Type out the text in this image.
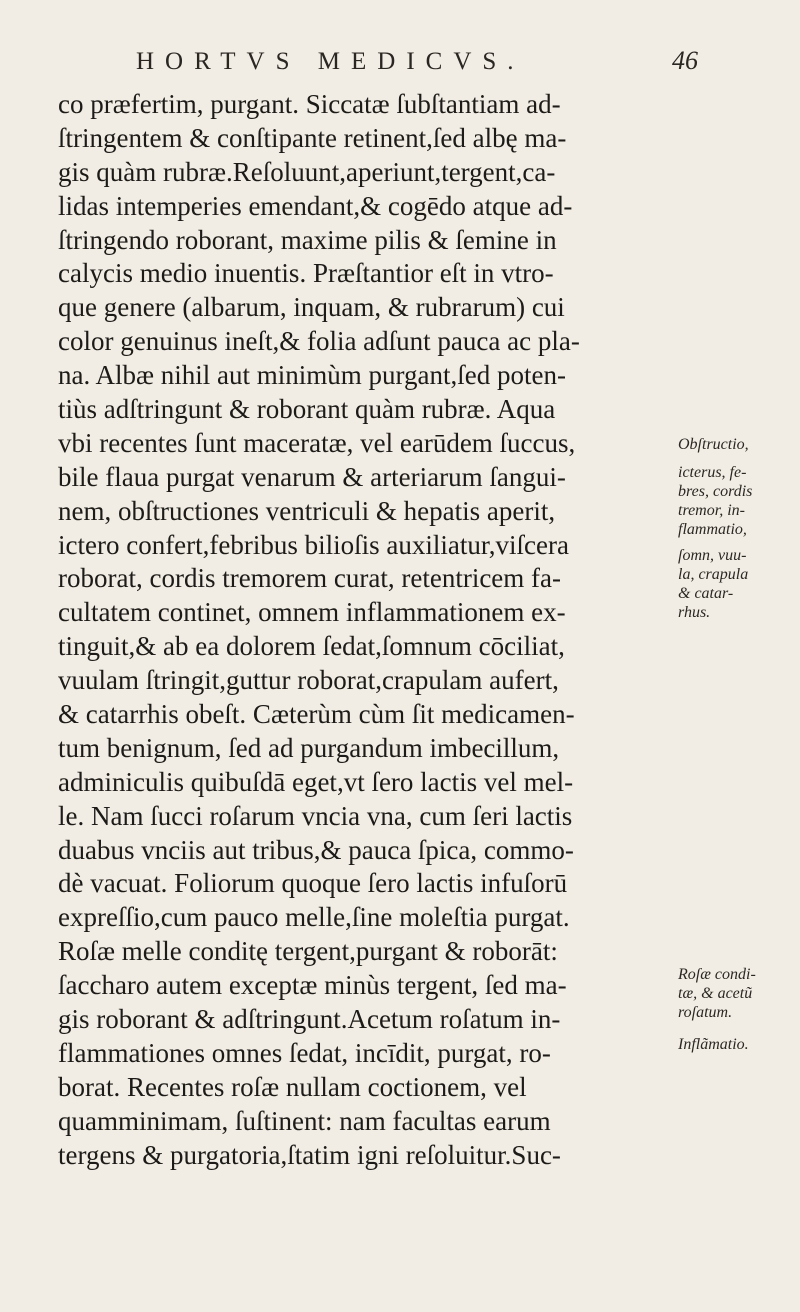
HORTVS MEDICVS.	46
co præfertim, purgant. Siccatæ ſubſtantiam ad-
ſtringentem & conſtipante retinent,ſed albę ma-
gis quàm rubræ.Reſoluunt,aperiunt,tergent,ca-
lidas intemperies emendant,& cogēdo atque ad-
ſtringendo roborant, maxime pilis & ſemine in
calycis medio inuentis. Præſtantior eſt in vtro-
que genere (albarum, inquam, & rubrarum) cui
color genuinus ineſt,& folia adſunt pauca ac pla-
na. Albæ nihil aut minimùm purgant,ſed poten-
tiùs adſtringunt & roborant quàm rubræ. Aqua
vbi recentes ſunt maceratæ, vel earūdem ſuccus,
bile flaua purgat venarum & arteriarum ſangui-
nem, obſtructiones ventriculi & hepatis aperit,
ictero confert,febribus bilioſis auxiliatur,viſcera
roborat, cordis tremorem curat, retentricem fa-
cultatem continet, omnem inflammationem ex-
tinguit,& ab ea dolorem ſedat,ſomnum cōciliat,
vuulam ſtringit,guttur roborat,crapulam aufert,
& catarrhis obeſt. Cæterùm cùm ſit medicamen-
tum benignum, ſed ad purgandum imbecillum,
adminiculis quibuſdā eget,vt ſero lactis vel mel-
le. Nam ſucci roſarum vncia vna, cum ſeri lactis
duabus vnciis aut tribus,& pauca ſpica, commo-
dè vacuat. Foliorum quoque ſero lactis infuſorū
expreſſio,cum pauco melle,ſine moleſtia purgat.
Roſæ melle conditę tergent,purgant & roborāt:
ſaccharo autem exceptæ minùs tergent, ſed ma-
gis roborant & adſtringunt.Acetum roſatum in-
flammationes omnes ſedat, incīdit, purgat, ro-
borat. Recentes roſæ nullam coctionem, vel
quamminimam, ſuſtinent: nam facultas earum
tergens & purgatoria,ſtatim igni reſoluitur.Suc-
Obſtructio,
icterus, fe-
bres, cordis
tremor, in-
flammatio,
ſomn, vuu-
la, crapula
& catar-
rhus.
Roſæ condi-
tæ, & acetũ
roſatum.
Inflãmatio.
